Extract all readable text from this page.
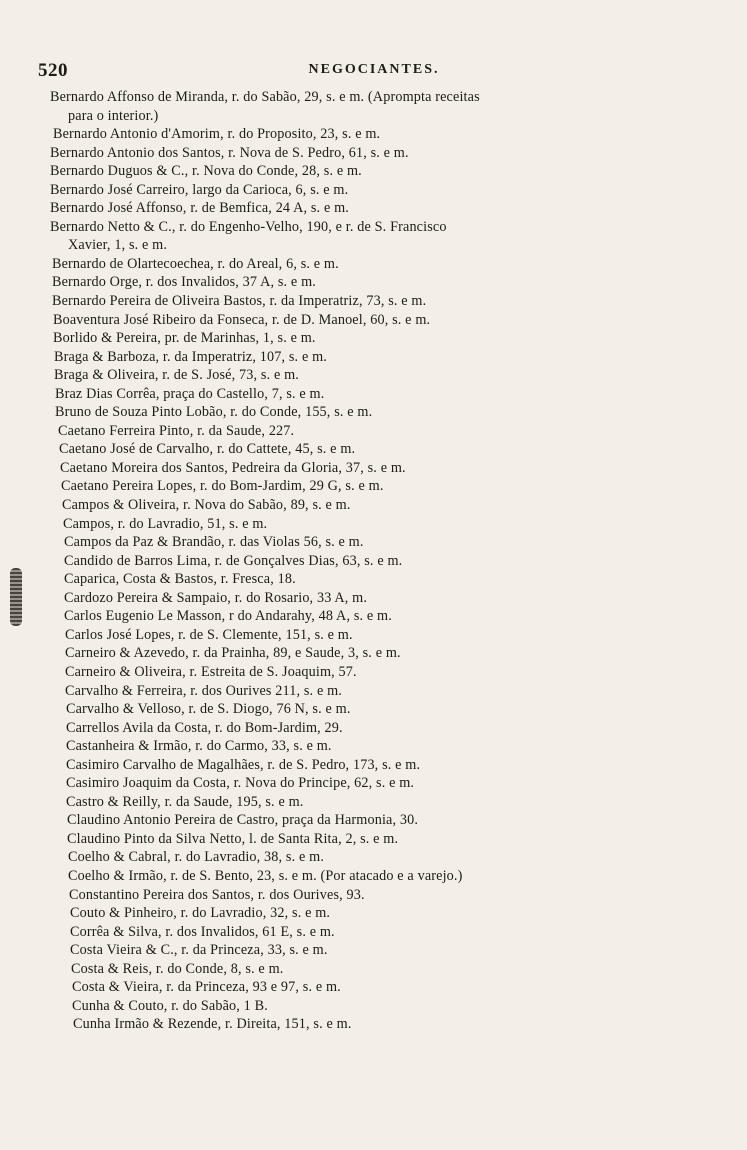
520	NEGOCIANTES.
Bernardo Affonso de Miranda, r. do Sabão, 29, s. e m. (Aprompta receitas
para o interior.)
Bernardo Antonio d'Amorim, r. do Proposito, 23, s. e m.
Bernardo Antonio dos Santos, r. Nova de S. Pedro, 61, s. e m.
Bernardo Duguos & C., r. Nova do Conde, 28, s. e m.
Bernardo José Carreiro, largo da Carioca, 6, s. e m.
Bernardo José Affonso, r. de Bemfica, 24 A, s. e m.
Bernardo Netto & C., r. do Engenho-Velho, 190, e r. de S. Francisco
Xavier, 1, s. e m.
Bernardo de Olartecoechea, r. do Areal, 6, s. e m.
Bernardo Orge, r. dos Invalidos, 37 A, s. e m.
Bernardo Pereira de Oliveira Bastos, r. da Imperatriz, 73, s. e m.
Boaventura José Ribeiro da Fonseca, r. de D. Manoel, 60, s. e m.
Borlido & Pereira, pr. de Marinhas, 1, s. e m.
Braga & Barboza, r. da Imperatriz, 107, s. e m.
Braga & Oliveira, r. de S. José, 73, s. e m.
Braz Dias Corrêa, praça do Castello, 7, s. e m.
Bruno de Souza Pinto Lobão, r. do Conde, 155, s. e m.
Caetano Ferreira Pinto, r. da Saude, 227.
Caetano José de Carvalho, r. do Cattete, 45, s. e m.
Caetano Moreira dos Santos, Pedreira da Gloria, 37, s. e m.
Caetano Pereira Lopes, r. do Bom-Jardim, 29 G, s. e m.
Campos & Oliveira, r. Nova do Sabão, 89, s. e m.
Campos, r. do Lavradio, 51, s. e m.
Campos da Paz & Brandão, r. das Violas 56, s. e m.
Candido de Barros Lima, r. de Gonçalves Dias, 63, s. e m.
Caparica, Costa & Bastos, r. Fresca, 18.
Cardozo Pereira & Sampaio, r. do Rosario, 33 A, m.
Carlos Eugenio Le Masson, r do Andarahy, 48 A, s. e m.
Carlos José Lopes, r. de S. Clemente, 151, s. e m.
Carneiro & Azevedo, r. da Prainha, 89, e Saude, 3, s. e m.
Carneiro & Oliveira, r. Estreita de S. Joaquim, 57.
Carvalho & Ferreira, r. dos Ourives 211, s. e m.
Carvalho & Velloso, r. de S. Diogo, 76 N, s. e m.
Carrellos Avila da Costa, r. do Bom-Jardim, 29.
Castanheira & Irmão, r. do Carmo, 33, s. e m.
Casimiro Carvalho de Magalhães, r. de S. Pedro, 173, s. e m.
Casimiro Joaquim da Costa, r. Nova do Principe, 62, s. e m.
Castro & Reilly, r. da Saude, 195, s. e m.
Claudino Antonio Pereira de Castro, praça da Harmonia, 30.
Claudino Pinto da Silva Netto, l. de Santa Rita, 2, s. e m.
Coelho & Cabral, r. do Lavradio, 38, s. e m.
Coelho & Irmão, r. de S. Bento, 23, s. e m. (Por atacado e a varejo.)
Constantino Pereira dos Santos, r. dos Ourives, 93.
Couto & Pinheiro, r. do Lavradio, 32, s. e m.
Corrêa & Silva, r. dos Invalidos, 61 E, s. e m.
Costa Vieira & C., r. da Princeza, 33, s. e m.
Costa & Reis, r. do Conde, 8, s. e m.
Costa & Vieira, r. da Princeza, 93 e 97, s. e m.
Cunha & Couto, r. do Sabão, 1 B.
Cunha Irmão & Rezende, r. Direita, 151, s. e m.
